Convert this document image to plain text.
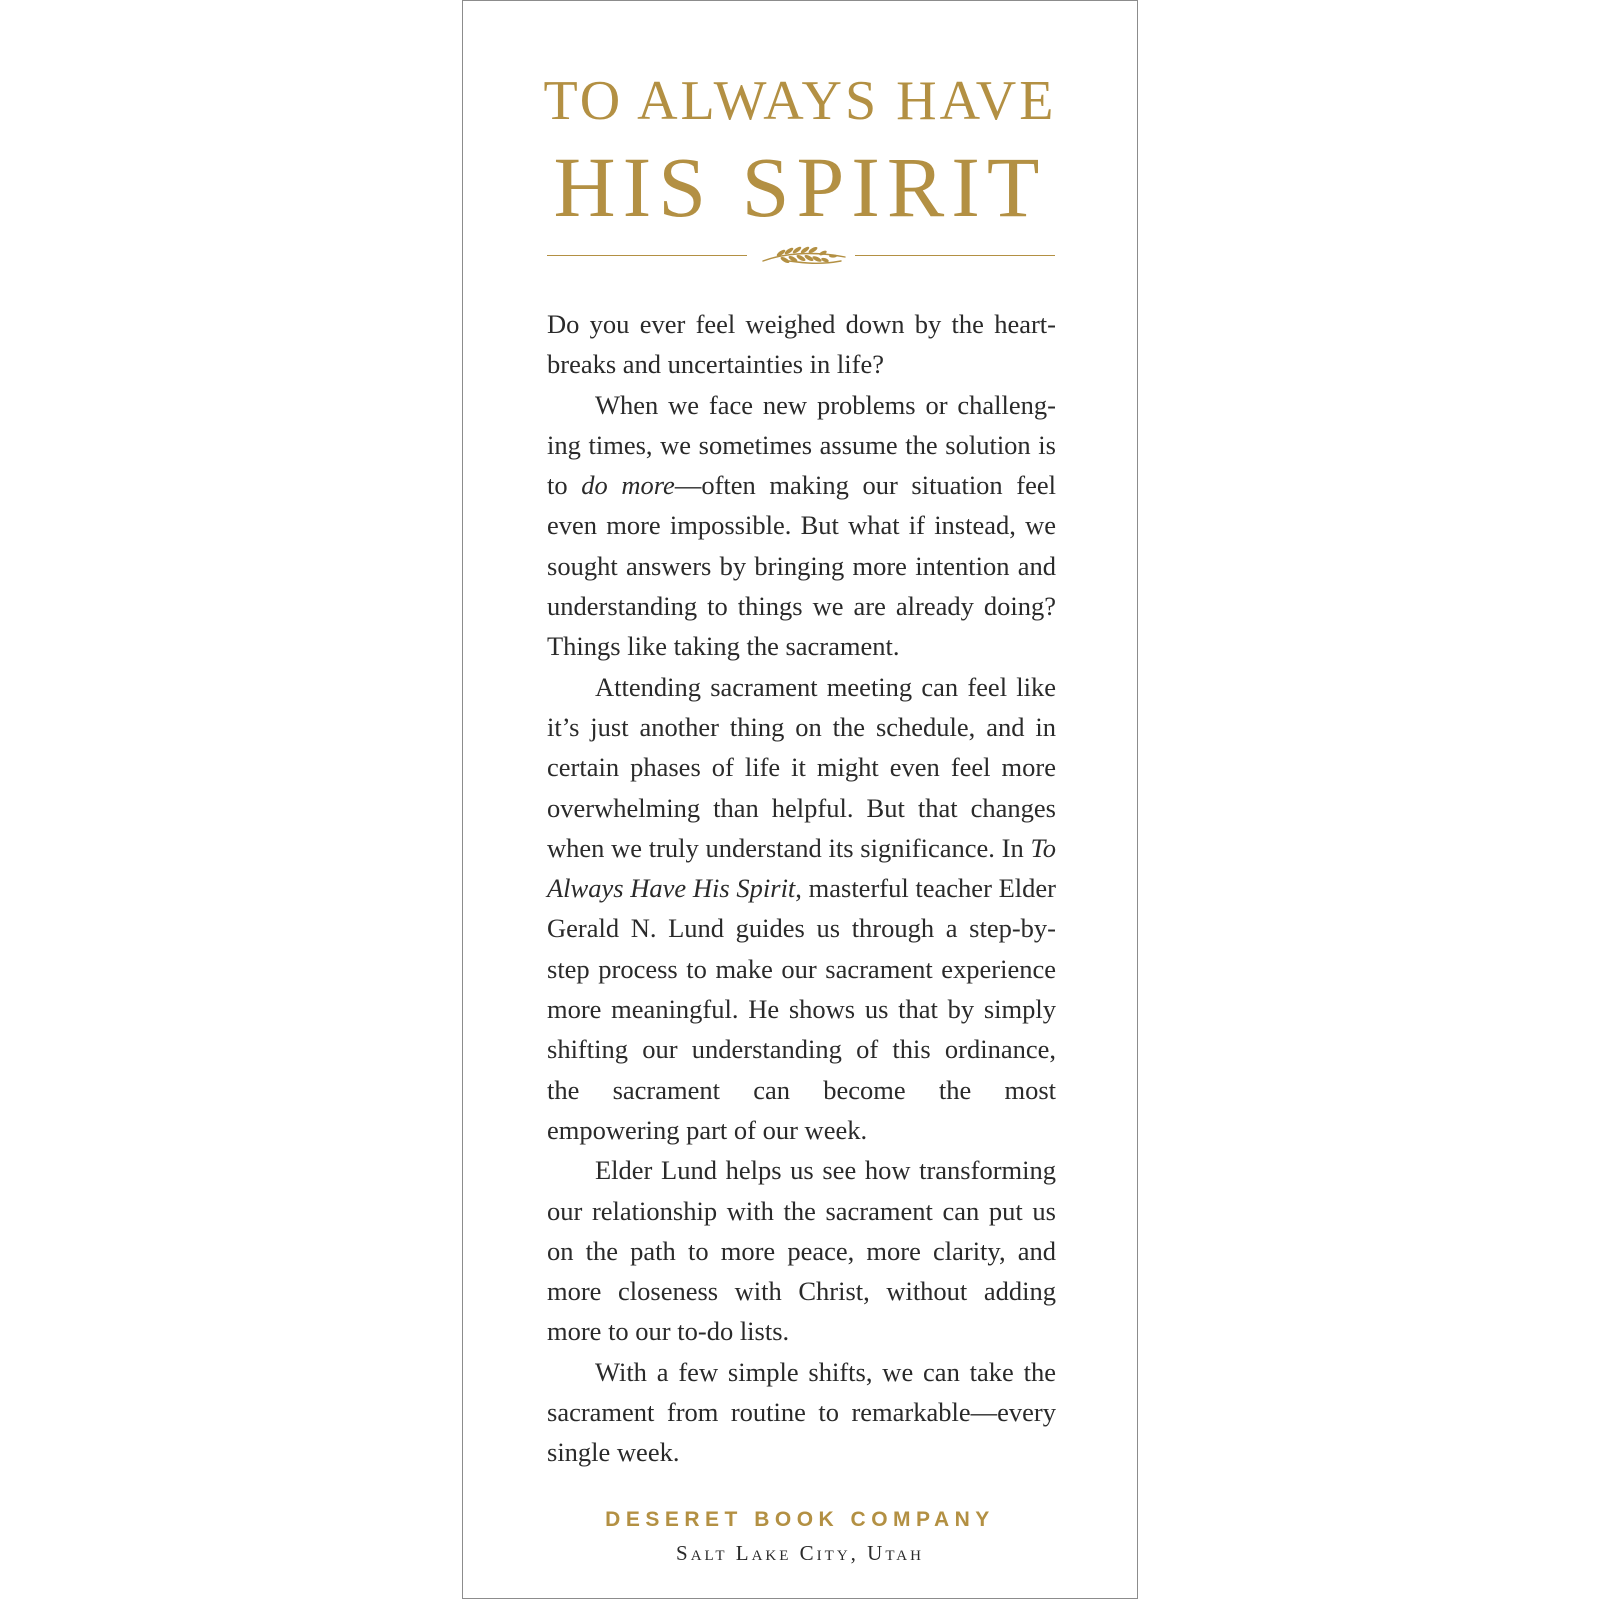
TO ALWAYS HAVE
HIS SPIRIT

Do you ever feel weighed down by the heartbreaks and uncertainties in life?

When we face new problems or challenging times, we sometimes assume the solution is to do more—often making our situation feel even more impossible. But what if instead, we sought answers by bringing more intention and understanding to things we are already doing? Things like taking the sacrament.

Attending sacrament meeting can feel like it’s just another thing on the schedule, and in certain phases of life it might even feel more overwhelming than helpful. But that changes when we truly understand its significance. In To Always Have His Spirit, masterful teacher Elder Gerald N. Lund guides us through a step-by-step process to make our sacrament experience more meaningful. He shows us that by simply shifting our understanding of this ordinance, the sacrament can become the most empowering part of our week.

Elder Lund helps us see how transforming our relationship with the sacrament can put us on the path to more peace, more clarity, and more closeness with Christ, without adding more to our to-do lists.

With a few simple shifts, we can take the sacrament from routine to remarkable—every single week.

DESERET BOOK COMPANY
Salt Lake City, Utah
